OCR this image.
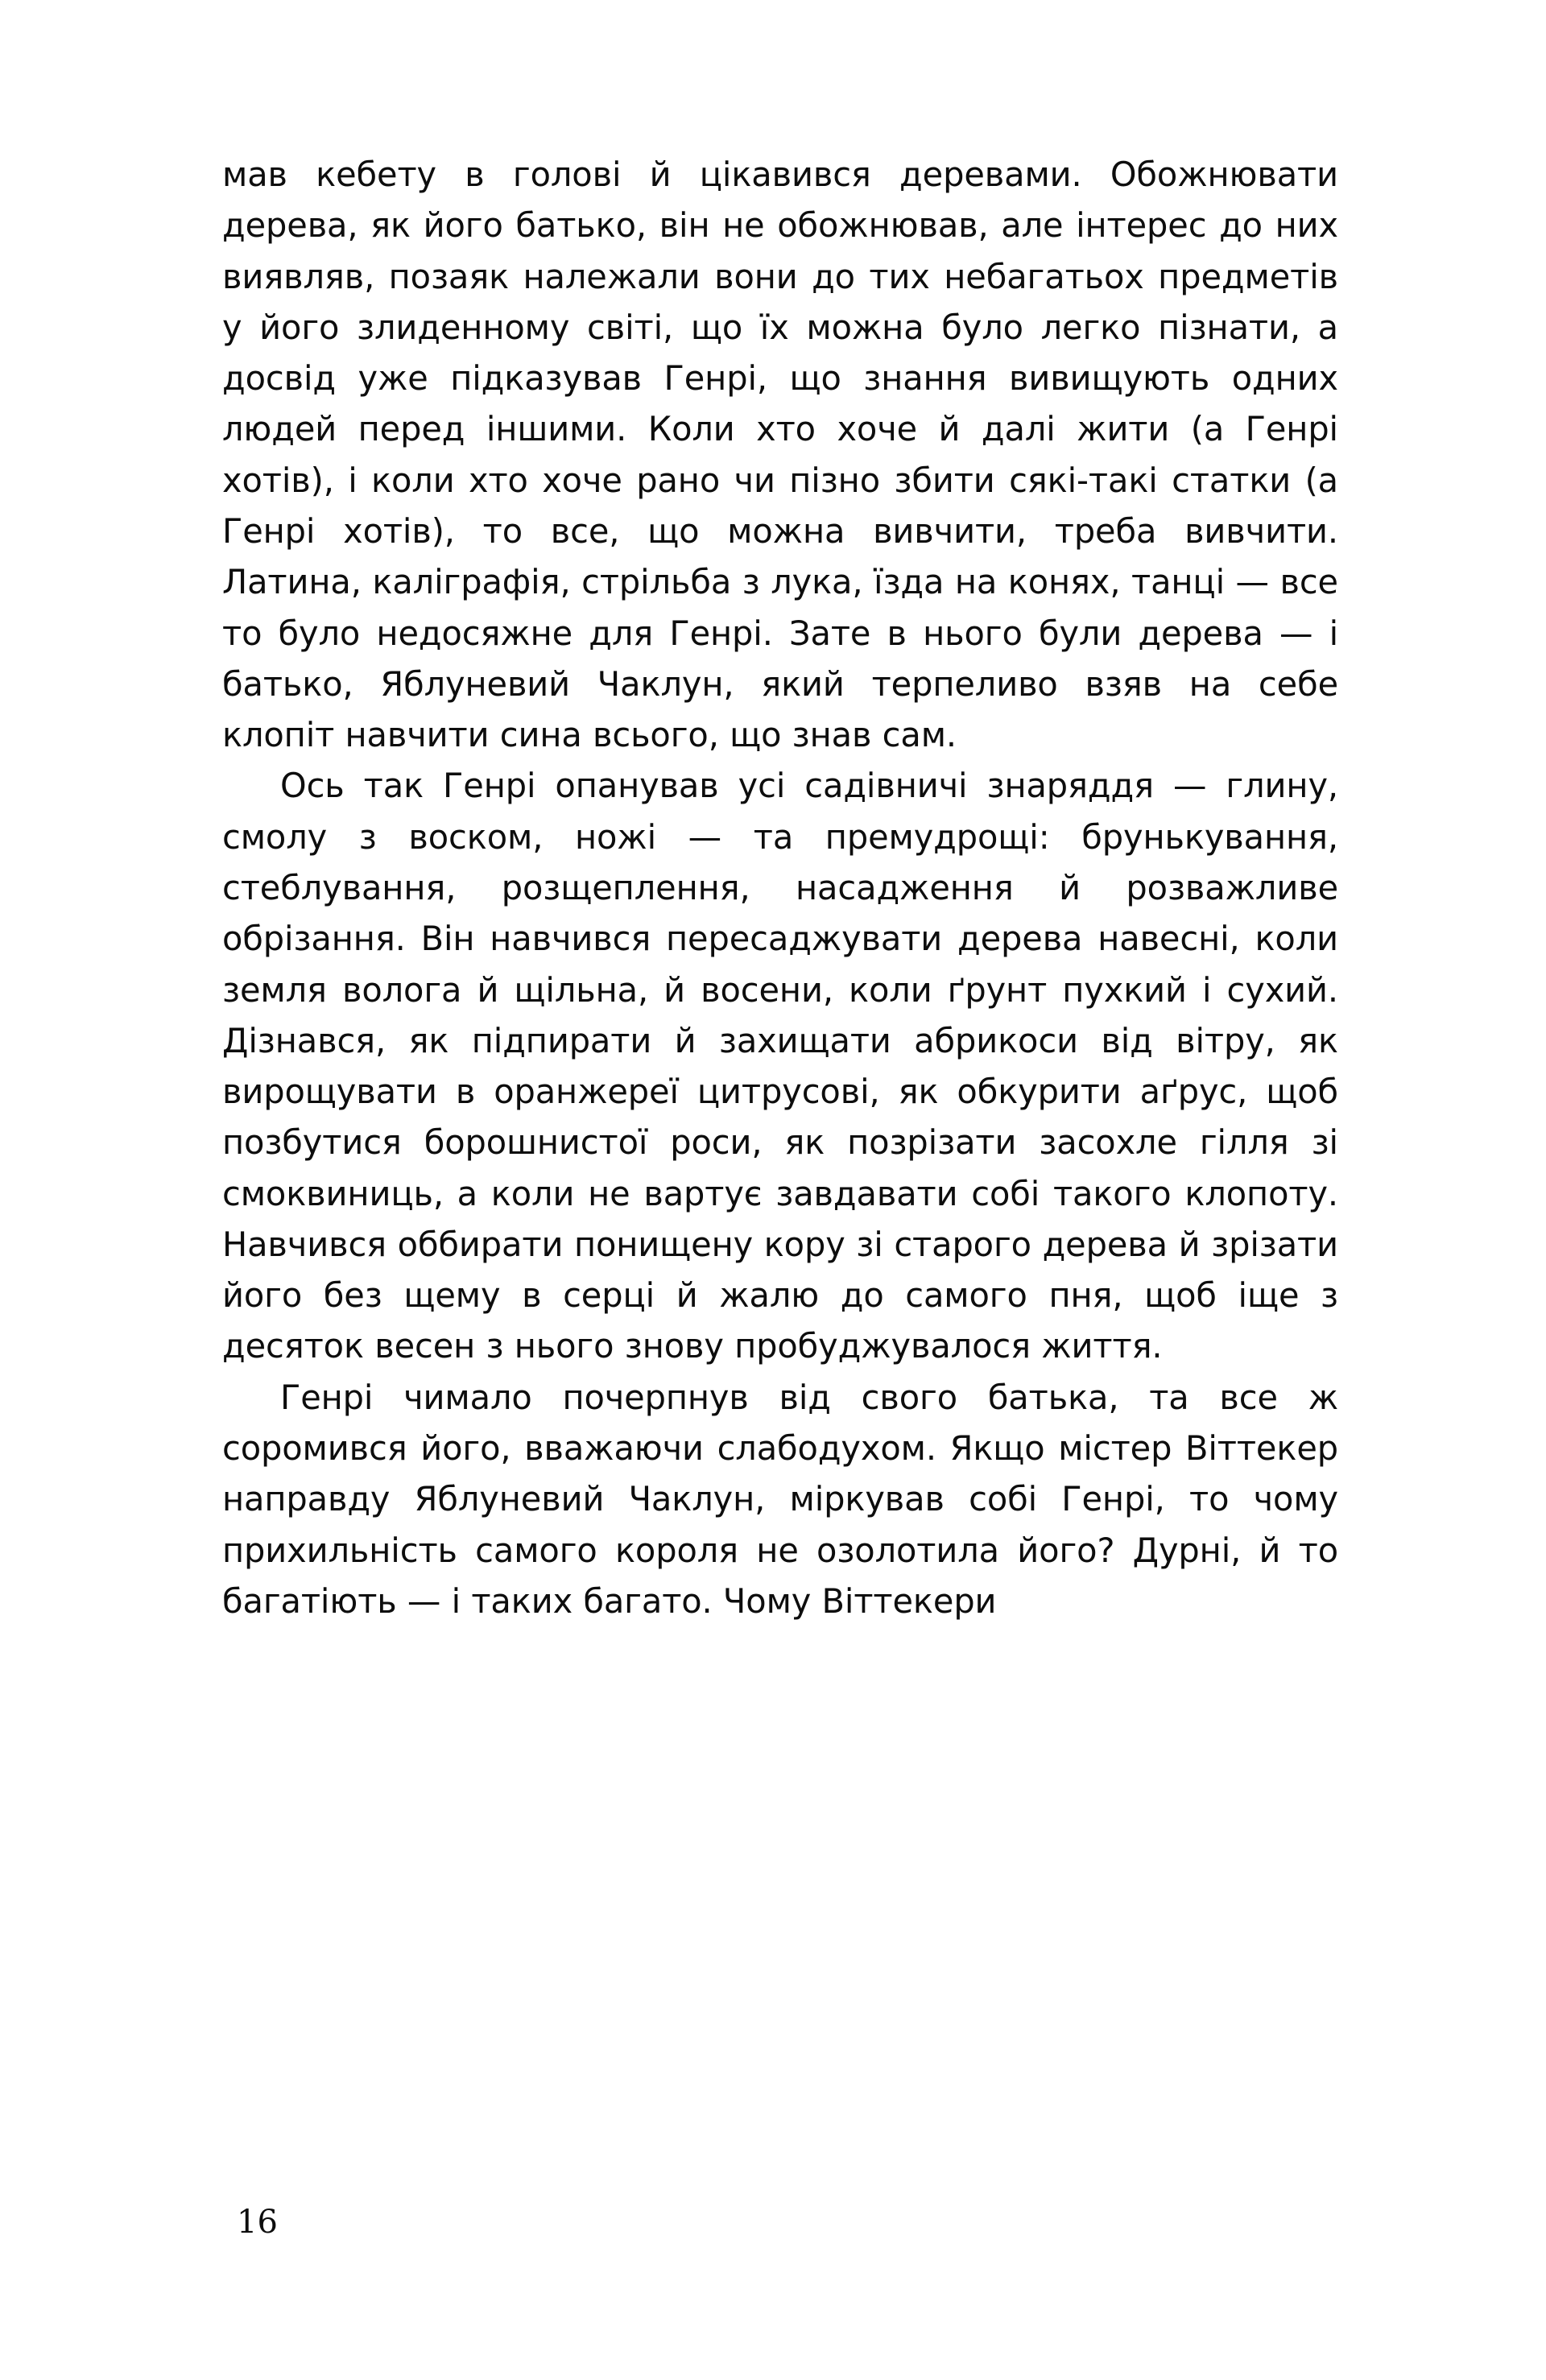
мав кебету в голові й цікавився деревами. Обожнювати дерева, як його батько, він не обожнював, але інтерес до них виявляв, позаяк належали вони до тих небагатьох предметів у його злиденному світі, що їх можна було легко пізнати, а досвід уже підказував Генрі, що знання вивищують одних людей перед іншими. Коли хто хоче й далі жити (а Генрі хотів), і коли хто хоче рано чи пізно збити сякі-такі статки (а Генрі хотів), то все, що можна вивчити, треба вивчити. Латина, каліграфія, стрільба з лука, їзда на конях, танці — все то було недосяжне для Генрі. Зате в нього були дерева — і батько, Яблуневий Чаклун, який терпеливо взяв на себе клопіт навчити сина всього, що знав сам.

Ось так Генрі опанував усі садівничі знаряддя — глину, смолу з воском, ножі — та премудрощі: брунькування, стеблування, розщеплення, насадження й розважливе обрізання. Він навчився пересаджувати дерева навесні, коли земля волога й щільна, й восени, коли ґрунт пухкий і сухий. Дізнався, як підпирати й захищати абрикоси від вітру, як вирощувати в оранжереї цитрусові, як обкурити аґрус, щоб позбутися борошнистої роси, як позрізати засохле гілля зі смоквиниць, а коли не вартує завдавати собі такого клопоту. Навчився оббирати понищену кору зі старого дерева й зрізати його без щему в серці й жалю до самого пня, щоб іще з десяток весен з нього знову пробуджувалося життя.

Генрі чимало почерпнув від свого батька, та все ж соромився його, вважаючи слабодухом. Якщо містер Віттекер направду Яблуневий Чаклун, міркував собі Генрі, то чому прихильність самого короля не озолотила його? Дурні, й то багатіють — і таких багато. Чому Віттекери

16
